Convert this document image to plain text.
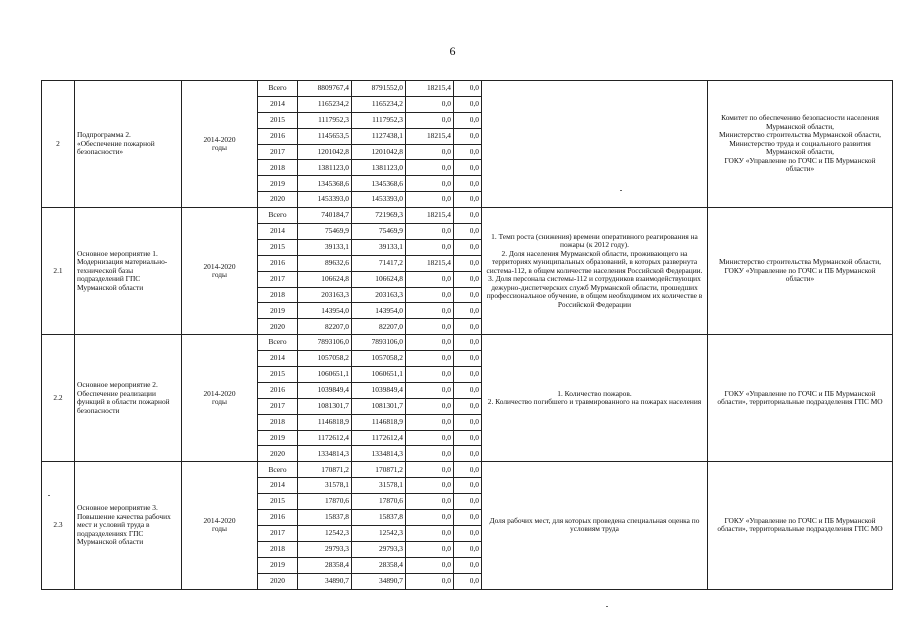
6
2	Подпрограмма 2.
«Обеспечение пожарной безопасности»	2014-2020
годы	Всего	8809767,4	8791552,0	18215,4	0,0		Комитет по обеспечению безопасности населения Мурманской области,
Министерство строительства Мурманской области, Министерство труда и социального развития Мурманской области,
ГОКУ «Управление по ГОЧС и ПБ Мурманской области»
			2014	1165234,2	1165234,2	0,0	0,0		
			2015	1117952,3	1117952,3	0,0	0,0		
			2016	1145653,5	1127438,1	18215,4	0,0		
			2017	1201042,8	1201042,8	0,0	0,0		
			2018	1381123,0	1381123,0	0,0	0,0		
			2019	1345368,6	1345368,6	0,0	0,0		
			2020	1453393,0	1453393,0	0,0	0,0		
2.1	Основное мероприятие 1. Модернизация материально-технической базы подразделений ГПС Мурманской области	2014-2020
годы	Всего	740184,7	721969,3	18215,4	0,0	1. Темп роста (снижения) времени оперативного реагирования на пожары (к 2012 году).
2. Доля населения Мурманской области, проживающего на территориях муниципальных образований, в которых развернута система-112, в общем количестве населения Российской Федерации.
3. Доля персонала системы-112 и сотрудников взаимодействующих дежурно-диспетчерских служб Мурманской области, прошедших профессиональное обучение, в общем необходимом их количестве в Российской Федерации	Министерство строительства Мурманской области,
ГОКУ «Управление по ГОЧС и ПБ Мурманской области»
			2014	75469,9	75469,9	0,0	0,0		
			2015	39133,1	39133,1	0,0	0,0		
			2016	89632,6	71417,2	18215,4	0,0		
			2017	106624,8	106624,8	0,0	0,0		
			2018	203163,3	203163,3	0,0	0,0		
			2019	143954,0	143954,0	0,0	0,0		
			2020	82207,0	82207,0	0,0	0,0		
2.2	Основное мероприятие 2. Обеспечение реализации функций в области пожарной безопасности	2014-2020
годы	Всего	7893106,0	7893106,0	0,0	0,0	1. Количество пожаров.
2. Количество погибшего и травмированного на пожарах населения	ГОКУ «Управление по ГОЧС и ПБ Мурманской области», территориальные подразделения ГПС МО
			2014	1057058,2	1057058,2	0,0	0,0		
			2015	1060651,1	1060651,1	0,0	0,0		
			2016	1039849,4	1039849,4	0,0	0,0		
			2017	1081301,7	1081301,7	0,0	0,0		
			2018	1146818,9	1146818,9	0,0	0,0		
			2019	1172612,4	1172612,4	0,0	0,0		
			2020	1334814,3	1334814,3	0,0	0,0		
2.3	Основное мероприятие 3. Повышение качества рабочих мест и условий труда в подразделениях ГПС Мурманской области	2014-2020
годы	Всего	170871,2	170871,2	0,0	0,0	Доля рабочих мест, для которых проведена специальная оценка по условиям труда	ГОКУ «Управление по ГОЧС и ПБ Мурманской области», территориальные подразделения ГПС МО
			2014	31578,1	31578,1	0,0	0,0		
			2015	17870,6	17870,6	0,0	0,0		
			2016	15837,8	15837,8	0,0	0,0		
			2017	12542,3	12542,3	0,0	0,0		
			2018	29793,3	29793,3	0,0	0,0		
			2019	28358,4	28358,4	0,0	0,0		
			2020	34890,7	34890,7	0,0	0,0		
